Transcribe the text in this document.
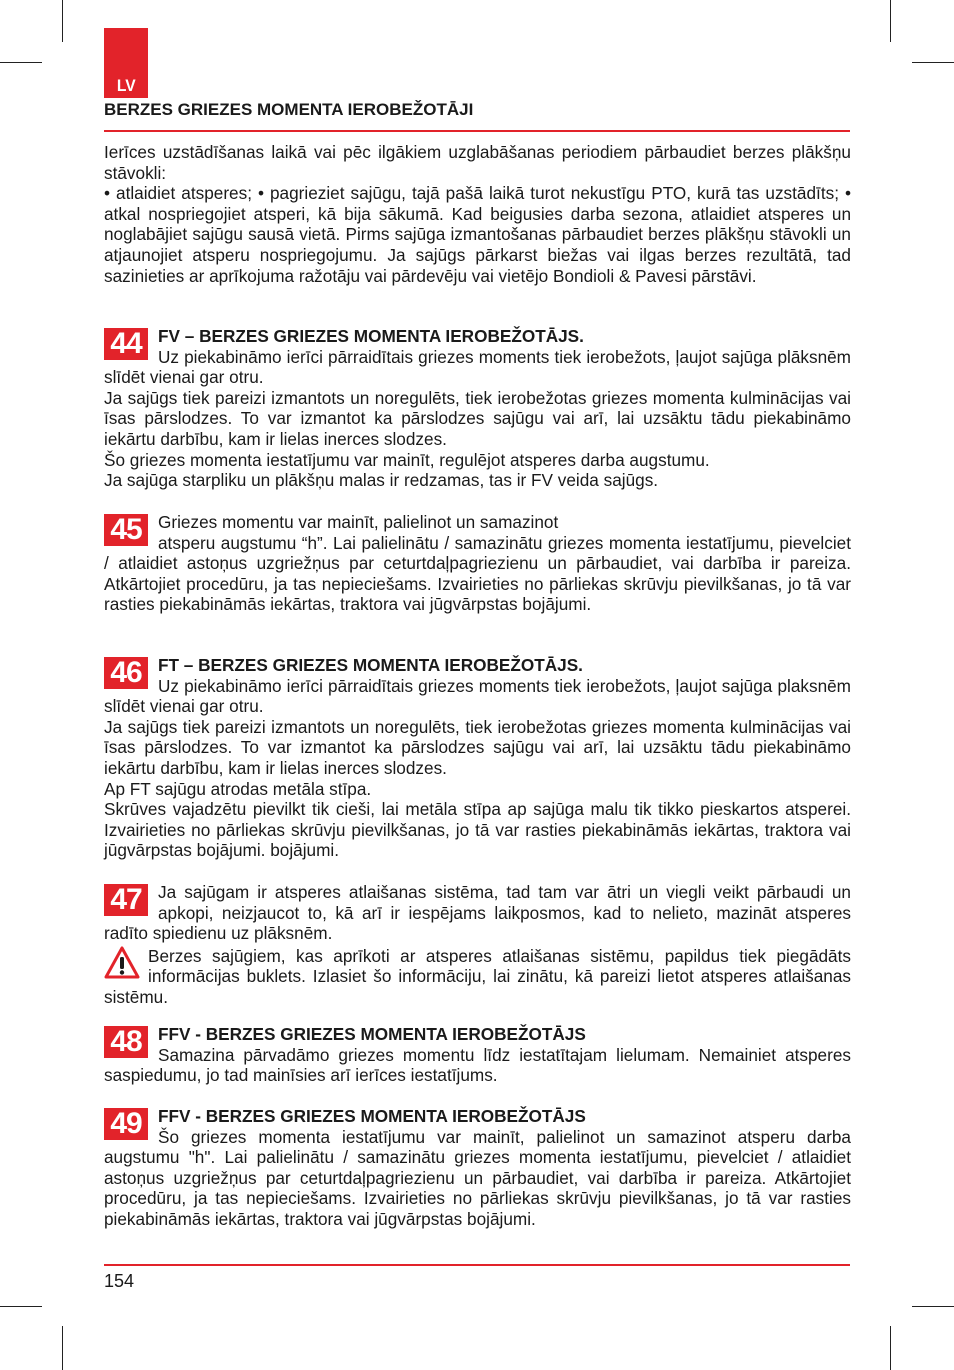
LV
BERZES GRIEZES MOMENTA IEROBEŽOTĀJI

Ierīces uzstādīšanas laikā vai pēc ilgākiem uzglabāšanas periodiem pārbaudiet berzes plākšņu stāvokli:

• atlaidiet atsperes; • pagrieziet sajūgu, tajā pašā laikā turot nekustīgu PTO, kurā tas uzstādīts; • atkal nospriegojiet atsperi, kā bija sākumā. Kad beigusies darba sezona, atlaidiet atsperes un noglabājiet sajūgu sausā vietā. Pirms sajūga izmantošanas pārbaudiet berzes plākšņu stāvokli un atjaunojiet atsperu nospriegojumu. Ja sajūgs pārkarst biežas vai ilgas berzes rezultātā, tad sazinieties ar aprīkojuma ražotāju vai pārdevēju vai vietējo Bondioli & Pavesi pārstāvi.

44 FV – BERZES GRIEZES MOMENTA IEROBEŽOTĀJS.

Uz piekabināmo ierīci pārraidītais griezes moments tiek ierobežots, ļaujot sajūga plāksnēm slīdēt vienai gar otru.

Ja sajūgs tiek pareizi izmantots un noregulēts, tiek ierobežotas griezes momenta kulminācijas vai īsas pārslodzes. To var izmantot ka pārslodzes sajūgu vai arī, lai uzsāktu tādu piekabināmo iekārtu darbību, kam ir lielas inerces slodzes.

Šo griezes momenta iestatījumu var mainīt, regulējot atsperes darba augstumu.

Ja sajūga starpliku un plākšņu malas ir redzamas, tas ir FV veida sajūgs.

45 Griezes momentu var mainīt, palielinot un samazinot

atsperu augstumu “h”. Lai palielinātu / samazinātu griezes momenta iestatījumu, pievelciet / atlaidiet astoņus uzgriežņus par ceturtdaļpagriezienu un pārbaudiet, vai darbība ir pareiza. Atkārtojiet procedūru, ja tas nepieciešams. Izvairieties no pārliekas skrūvju pievilkšanas, jo tā var rasties piekabināmās iekārtas, traktora vai jūgvārpstas bojājumi.

46 FT – BERZES GRIEZES MOMENTA IEROBEŽOTĀJS.

Uz piekabināmo ierīci pārraidītais griezes moments tiek ierobežots, ļaujot sajūga plaksnēm slīdēt vienai gar otru.

Ja sajūgs tiek pareizi izmantots un noregulēts, tiek ierobežotas griezes momenta kulminācijas vai īsas pārslodzes. To var izmantot ka pārslodzes sajūgu vai arī, lai uzsāktu tādu piekabināmo iekārtu darbību, kam ir lielas inerces slodzes.

Ap FT sajūgu atrodas metāla stīpa.

Skrūves vajadzētu pievilkt tik cieši, lai metāla stīpa ap sajūga malu tik tikko pieskartos atsperei. Izvairieties no pārliekas skrūvju pievilkšanas, jo tā var rasties piekabināmās iekārtas, traktora vai jūgvārpstas bojājumi. bojājumi.

47 Ja sajūgam ir atsperes atlaišanas sistēma, tad tam var ātri un viegli veikt pārbaudi un apkopi, neizjaucot to, kā arī ir iespējams laikposmos, kad to nelieto, mazināt atsperes radīto spiedienu uz plāksnēm.

Berzes sajūgiem, kas aprīkoti ar atsperes atlaišanas sistēmu, papildus tiek piegādāts informācijas buklets. Izlasiet šo informāciju, lai zinātu, kā pareizi lietot atsperes atlaišanas sistēmu.

48 FFV - BERZES GRIEZES MOMENTA IEROBEŽOTĀJS

Samazina pārvadāmo griezes momentu līdz iestatītajam lielumam. Nemainiet atsperes saspiedumu, jo tad mainīsies arī ierīces iestatījums.

49 FFV - BERZES GRIEZES MOMENTA IEROBEŽOTĀJS

Šo griezes momenta iestatījumu var mainīt, palielinot un samazinot atsperu darba augstumu "h". Lai palielinātu / samazinātu griezes momenta iestatījumu, pievelciet / atlaidiet astoņus uzgriežņus par ceturtdaļpagriezienu un pārbaudiet, vai darbība ir pareiza. Atkārtojiet procedūru, ja tas nepieciešams. Izvairieties no pārliekas skrūvju pievilkšanas, jo tā var rasties piekabināmās iekārtas, traktora vai jūgvārpstas bojājumi.

154
